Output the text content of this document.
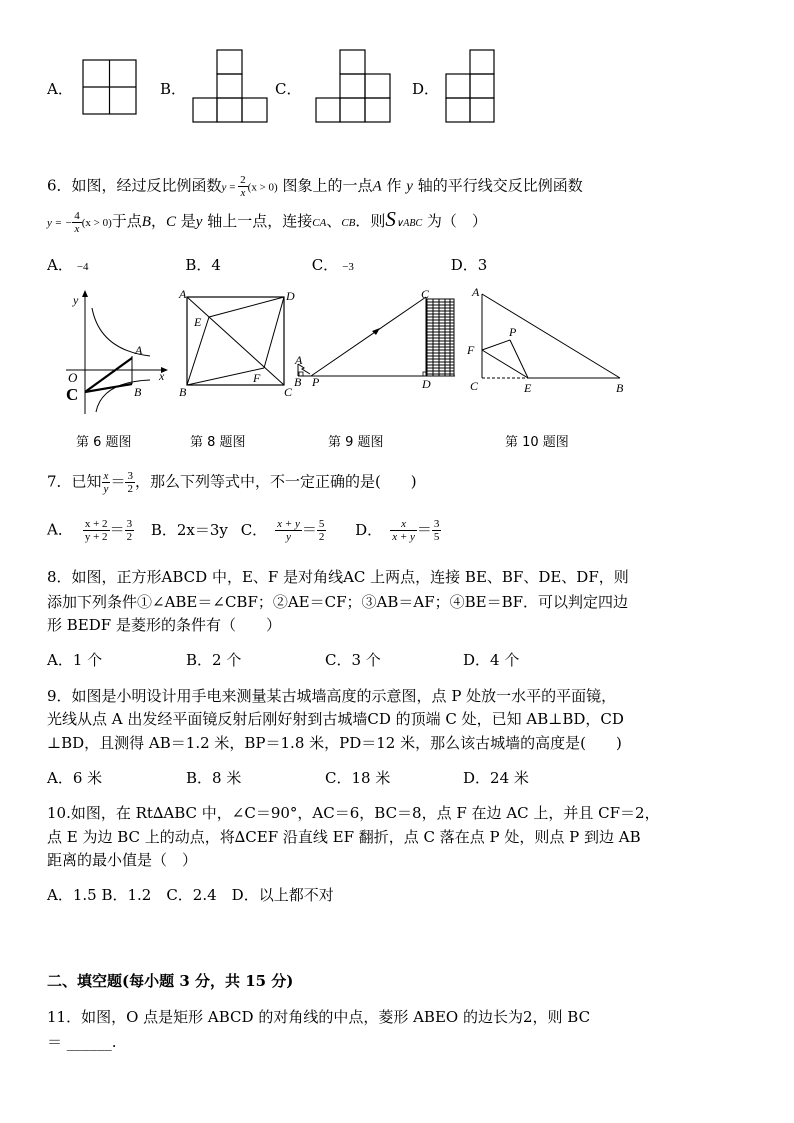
A．	B．	C．	D．
6．如图，经过反比例函数$y = \frac{2}{x} (x > 0)$ 图象上的一点A 作 y 轴的平行线交反比例函数
y = − $\frac{4}{x} (x > 0)$于点B，C 是y 轴上一点，连接CA、CB．则S∨ABC 为（　）
A． −4	B．4	C． −3	D．3
y
x
O
A
B
C
第 6 题图
A	D
B	C
E
F
第 8 题图
A
B P
C
D
第 9 题图
A
P
F
C	E	B
第 10 题图
7．已知 $\frac{x}{y} = \frac{3}{2}$ ，那么下列等式中，不一定正确的是(　　)
A． $\frac{x + 2}{y + 2} = \frac{3}{2}$ B．2x＝3y C． $\frac{x + y}{y} = \frac{5}{2}$ D． $\frac{x}{x + y} = \frac{3}{5}$
8．如图，正方形ABCD 中，E、F 是对角线AC 上两点，连接 BE、BF、DE、DF，则
添加下列条件①∠ABE＝∠CBF；②AE＝CF；③AB＝AF；④BE＝BF．可以判定四边
形 BEDF 是菱形的条件有（　　）
A．1 个	B．2 个	C．3 个	D．4 个
9．如图是小明设计用手电来测量某古城墙高度的示意图，点 P 处放一水平的平面镜，
光线从点 A 出发经平面镜反射后刚好射到古城墙CD 的顶端 C 处，已知 AB⊥BD，CD
⊥BD，且测得 AB＝1.2 米，BP＝1.8 米，PD＝12 米，那么该古城墙的高度是(　　)
A．6 米	B．8 米	C．18 米	D．24 米
10.如图，在 Rt∆ABC 中，∠C＝90°，AC＝6，BC＝8，点 F 在边 AC 上，并且 CF＝2，
点 E 为边 BC 上的动点，将∆CEF 沿直线 EF 翻折，点 C 落在点 P 处，则点 P 到边 AB
距离的最小值是（　）
A．1.5 B．1.2　C．2.4　D．以上都不对
二、填空题(每小题 3 分，共 15 分)
11．如图，O 点是矩形 ABCD 的对角线的中点，菱形 ABEO 的边长为2，则 BC
＝ ______.
